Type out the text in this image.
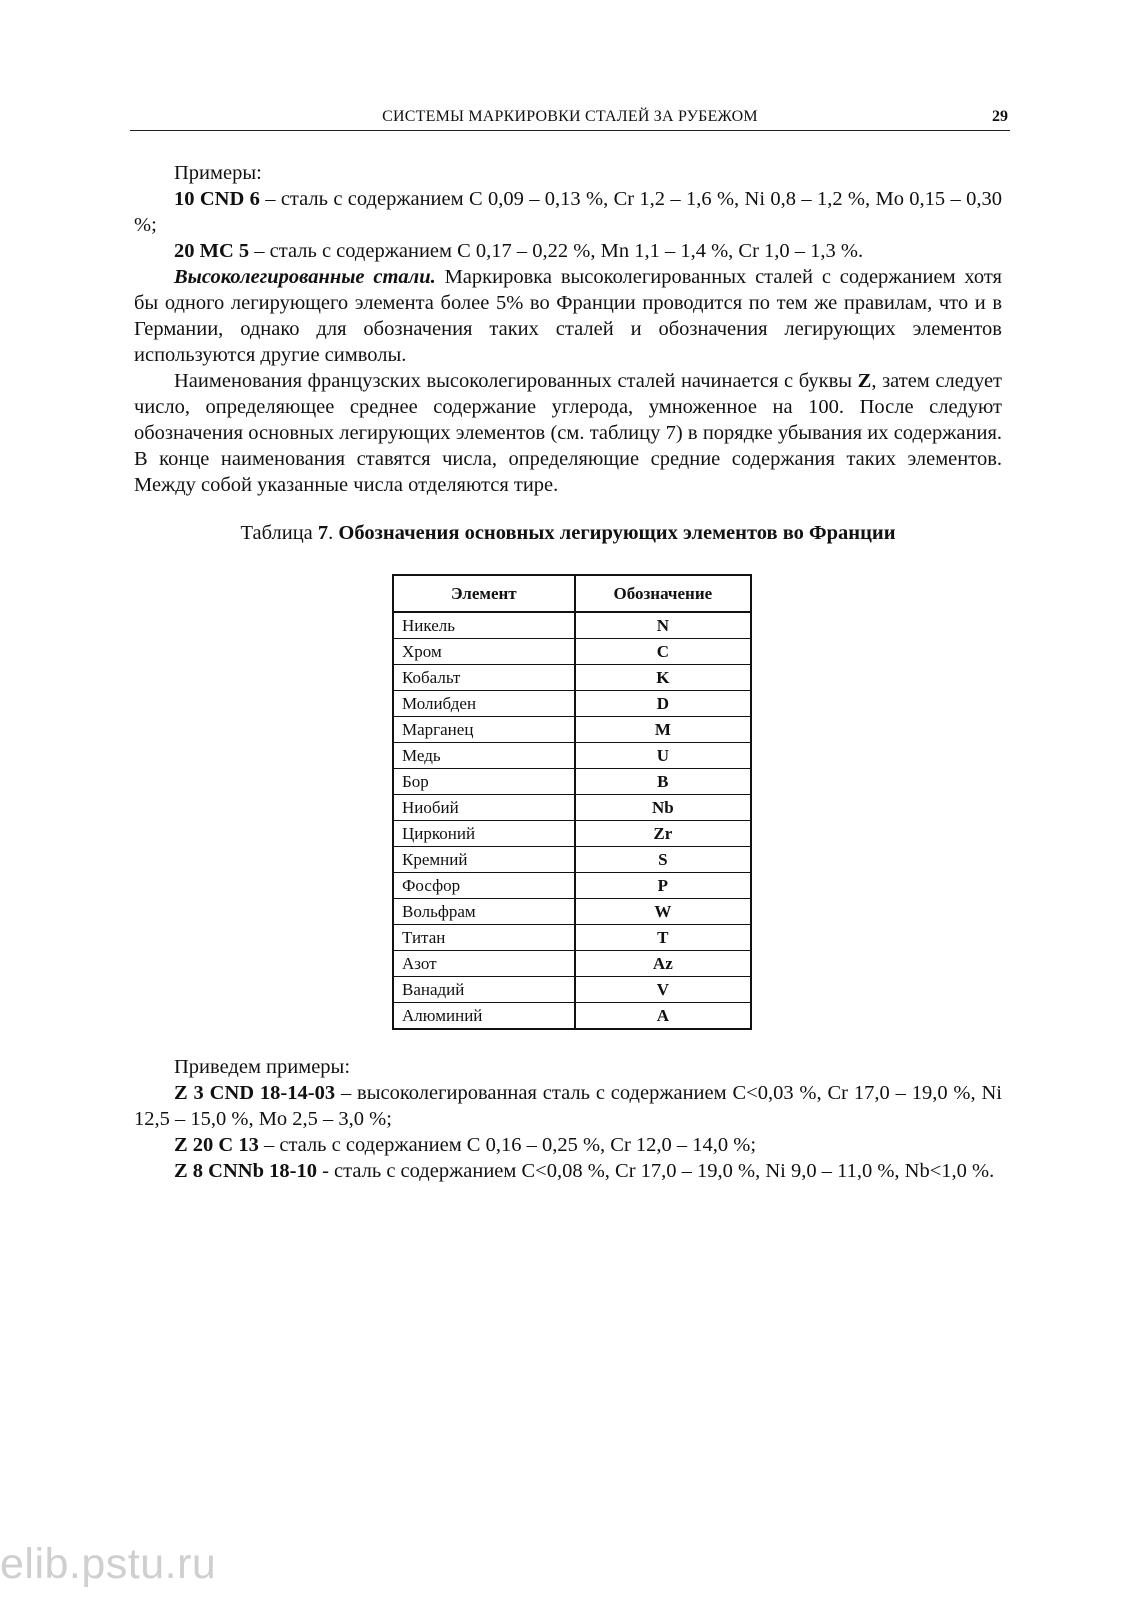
СИСТЕМЫ МАРКИРОВКИ СТАЛЕЙ ЗА РУБЕЖОМ	29

Примеры:

10 CND 6 – сталь с содержанием С 0,09 – 0,13 %, Cr 1,2 – 1,6 %, Ni 0,8 – 1,2 %, Mo 0,15 – 0,30 %;

20 MC 5 – сталь с содержанием С 0,17 – 0,22 %, Mn 1,1 – 1,4 %, Cr 1,0 – 1,3 %.

Высоколегированные стали. Маркировка высоколегированных сталей с содержанием хотя бы одного легирующего элемента более 5% во Франции проводится по тем же правилам, что и в Германии, однако для обозначения таких сталей и обозначения легирующих элементов используются другие символы.

Наименования французских высоколегированных сталей начинается с буквы Z, затем следует число, определяющее среднее содержание углерода, умноженное на 100. После следуют обозначения основных легирующих элементов (см. таблицу 7) в порядке убывания их содержания. В конце наименования ставятся числа, определяющие средние содержания таких элементов. Между собой указанные числа отделяются тире.

Таблица 7. Обозначения основных легирующих элементов во Франции
Элемент	Обозначение
Никель	N
Хром	C
Кобальт	K
Молибден	D
Марганец	M
Медь	U
Бор	B
Ниобий	Nb
Цирконий	Zr
Кремний	S
Фосфор	P
Вольфрам	W
Титан	T
Азот	Az
Ванадий	V
Алюминий	A

Приведем примеры:

Z 3 CND 18-14-03 – высоколегированная сталь с содержанием C<0,03 %, Cr 17,0 – 19,0 %, Ni 12,5 – 15,0 %, Mo 2,5 – 3,0 %;

Z 20 C 13 – сталь с содержанием С 0,16 – 0,25 %, Cr 12,0 – 14,0 %;

Z 8 CNNb 18-10 - сталь с содержанием С<0,08 %, Cr 17,0 – 19,0 %, Ni 9,0 – 11,0 %, Nb<1,0 %.

elib.pstu.ru
